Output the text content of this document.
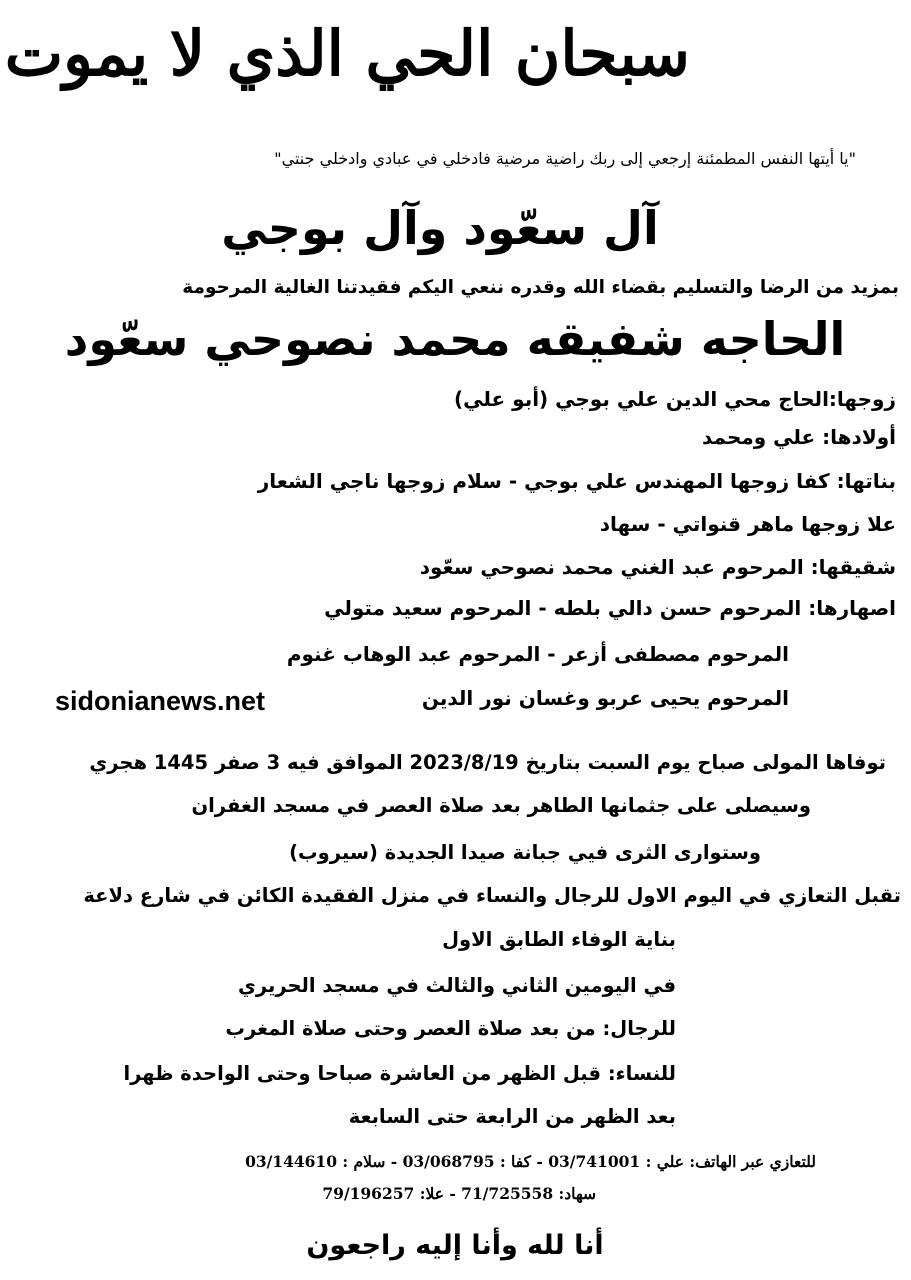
سبحان الحي الذي لا يموت
"يا أيتها النفس المطمئنة إرجعي إلى ربك راضية مرضية فادخلي في عبادي وادخلي جنتي"
آل سعّود وآل بوجي
بمزيد من الرضا والتسليم بقضاء الله وقدره ننعي اليكم فقيدتنا الغالية المرحومة
الحاجه شفيقه محمد نصوحي سعّود
زوجها:الحاج محي الدين علي بوجي (أبو علي)
أولادها: علي ومحمد
بناتها: كفا زوجها المهندس علي بوجي - سلام زوجها ناجي الشعار
علا زوجها ماهر قنواتي - سهاد
شقيقها: المرحوم عبد الغني محمد نصوحي سعّود
اصهارها: المرحوم حسن دالي بلطه - المرحوم سعيد متولي
المرحوم مصطفى أزعر - المرحوم عبد الوهاب غنوم
المرحوم يحيى عربو وغسان نور الدين
sidonianews.net
توفاها المولى صباح يوم السبت بتاريخ 2023/8/19 الموافق فيه 3 صفر 1445 هجري
وسيصلى على جثمانها الطاهر بعد صلاة العصر في مسجد الغفران
وستوارى الثرى فيي جبانة صيدا الجديدة (سيروب)
تقبل التعازي في اليوم الاول للرجال والنساء في منزل الفقيدة الكائن في شارع دلاعة
بناية الوفاء الطابق الاول
في اليومين الثاني والثالث في مسجد الحريري
للرجال: من بعد صلاة العصر وحتى صلاة المغرب
للنساء: قبل الظهر من العاشرة صباحا وحتى الواحدة ظهرا
بعد الظهر من الرابعة حتى السابعة
للتعازي عبر الهاتف: علي : 03/741001 - كفا : 03/068795 - سلام : 03/144610
سهاد: 71/725558 - علا: 79/196257
أنا لله وأنا إليه راجعون
